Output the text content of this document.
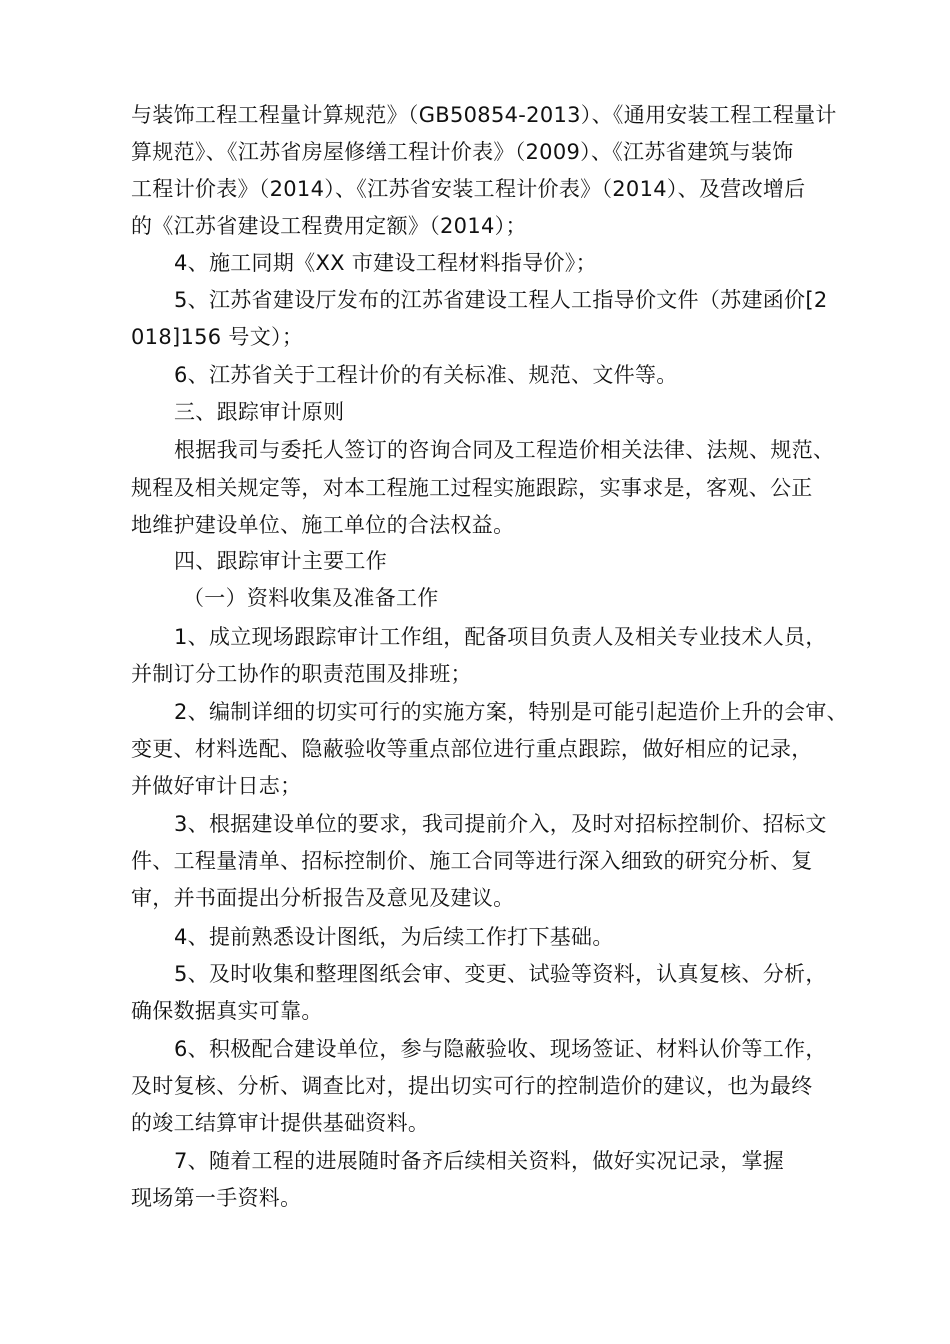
与装饰工程工程量计算规范》（GB50854-2013）、《通用安装工程工程量计
算规范》、《江苏省房屋修缮工程计价表》（2009）、《江苏省建筑与装饰
工程计价表》（2014）、《江苏省安装工程计价表》（2014）、及营改增后
的《江苏省建设工程费用定额》（2014）；
4、施工同期《XX 市建设工程材料指导价》；
5、江苏省建设厅发布的江苏省建设工程人工指导价文件（苏建函价[2
018]156 号文）；
6、江苏省关于工程计价的有关标准、规范、文件等。
三、跟踪审计原则
根据我司与委托人签订的咨询合同及工程造价相关法律、法规、规范、
规程及相关规定等，对本工程施工过程实施跟踪，实事求是，客观、公正
地维护建设单位、施工单位的合法权益。
四、跟踪审计主要工作
（一）资料收集及准备工作
1、成立现场跟踪审计工作组，配备项目负责人及相关专业技术人员，
并制订分工协作的职责范围及排班；
2、编制详细的切实可行的实施方案，特别是可能引起造价上升的会审、
变更、材料选配、隐蔽验收等重点部位进行重点跟踪，做好相应的记录，
并做好审计日志；
3、根据建设单位的要求，我司提前介入，及时对招标控制价、招标文
件、工程量清单、招标控制价、施工合同等进行深入细致的研究分析、复
审，并书面提出分析报告及意见及建议。
4、提前熟悉设计图纸，为后续工作打下基础。
5、及时收集和整理图纸会审、变更、试验等资料，认真复核、分析，
确保数据真实可靠。
6、积极配合建设单位，参与隐蔽验收、现场签证、材料认价等工作，
及时复核、分析、调查比对，提出切实可行的控制造价的建议，也为最终
的竣工结算审计提供基础资料。
7、随着工程的进展随时备齐后续相关资料，做好实况记录，掌握
现场第一手资料。
